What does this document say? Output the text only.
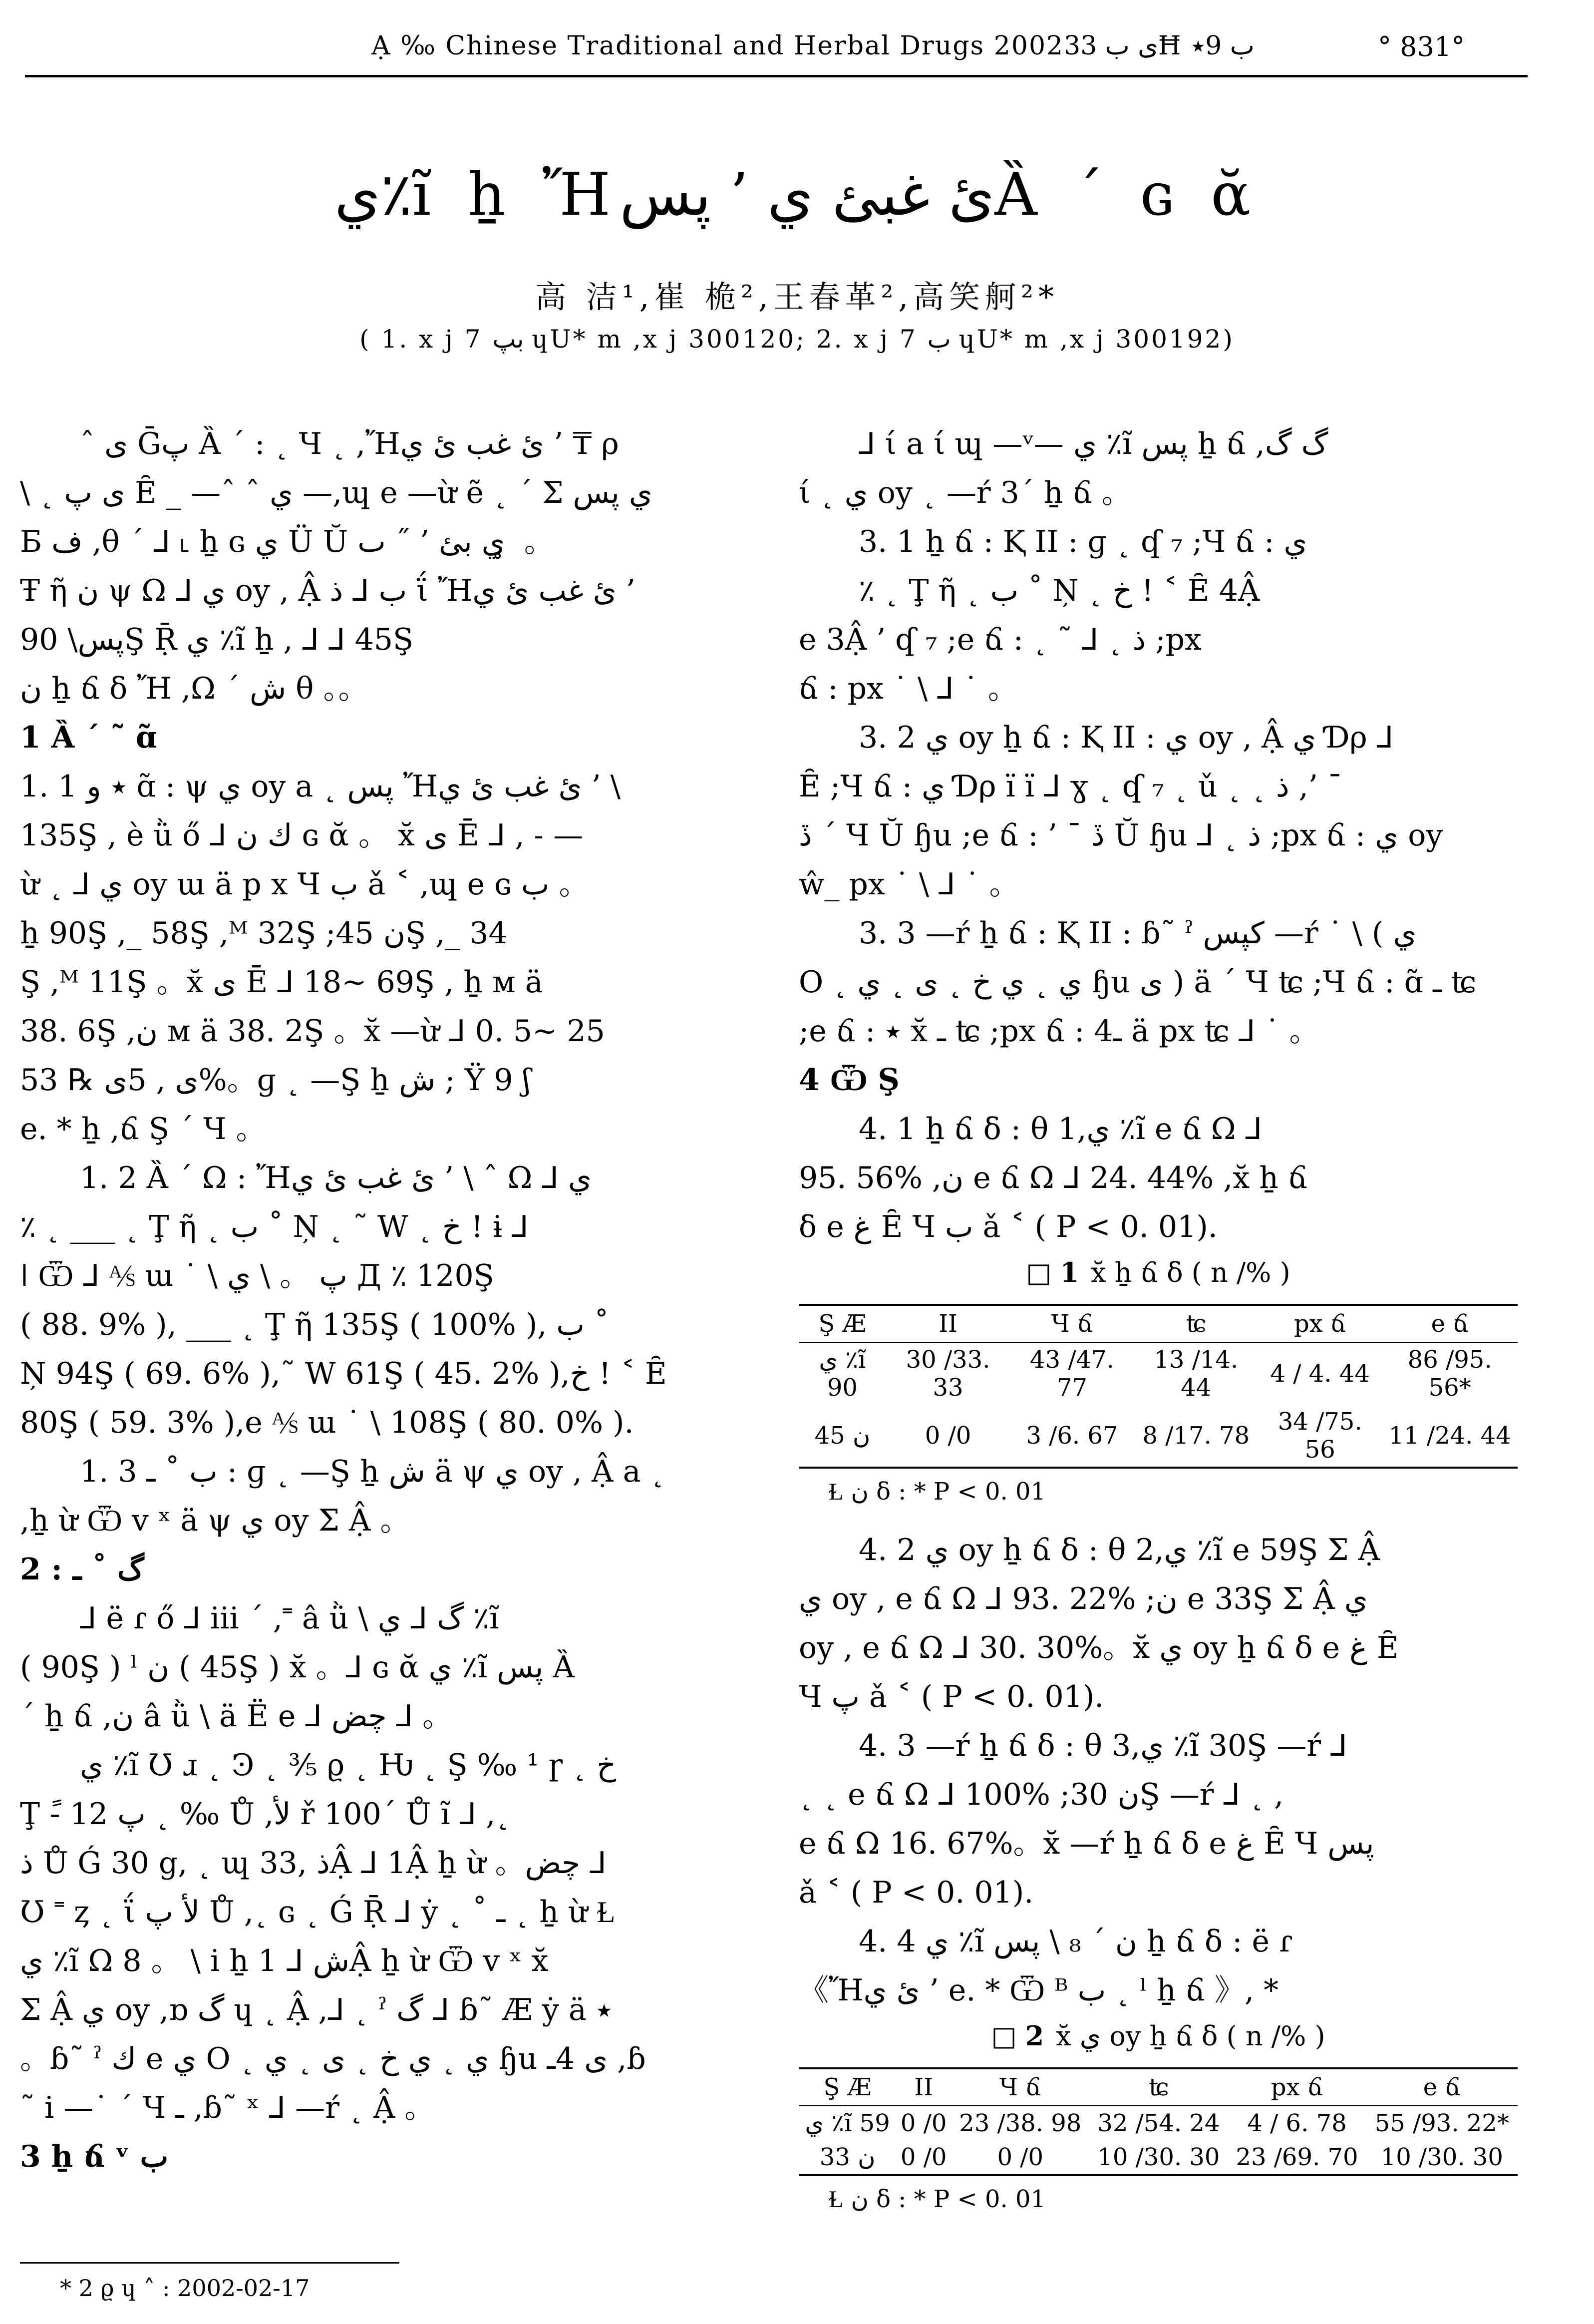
Ạ ‰ Chinese Traditional and Herbal Drugs 2002ى ب 33Ħ ب 9٭	° 831°
ي٪ĩ ẖ Ἤئ غبئ ي ’ پسȀ ´ ɢ ᾰ
高 洁¹,崔 桅²,王春革²,高笑舸²*
( 1. x j 7 بپ ɥU* m ,x j 300120; 2. x j 7 ب ɥU* m ,x j 300192)
ˆ ى Ḡپ Ȁ ´ : ˛ Ч ˛ ,Ἤئ غب ئ ي ’ ₸ ρ
\ ˛ ى پ Ȇ _ —ˆ ˆ ي —,ɰ e —ừ ẽ ˛ ´ Σ ي پس
Б ف ,θ ´ ⅃ ˪ ẖ ɢ ي Ü Ŭ ي بئ ’ ˝ ٮ ̥ 。
Ŧ ῆ ن ψ Ω ⅃ ي oy , Ậ ب ⅃ ذ ΐ Ἤئ غب ئ ي ’
پس\ 90Ş Ṝ ي ٪ĩ ẖ , ⅃ ⅃ 45Ş
ن ẖ ճ δ Ἤ ,Ω ´ ش θ 。。
1 Ȁ ´ ˜ ɑ̃
1. 1 ٭ و ɑ̃ : ψ ي oy a ˛ پس Ἤئ غب ئ ي ’ \
135Ş , è ǜ ő ⅃ ك ن ɢ ᾰ 。 x̆ ى Ē ⅃ , ˗ —
ừ ˛ ⅃ ي oy ɯ ä p x Ч ب ǎ ˂ ,ɰ e ɢ ب 。
ẖ 90Ş ,_ 58Ş ,ᴹ 32Ş ;ن 45Ş ,_ 34
Ş ,ᴹ 11Ş 。x̆ ى Ē ⅃ 18~ 69Ş , ẖ ᴍ ä
38. 6Ş ,ن ᴍ ä 38. 2Ş 。x̆ —ừ ⅃ 0. 5~ 25
ى , 5ى ℞ 53%。ɡ ˛ —Ş ẖ ش ; Ϋ 9 ʃ
e. * ẖ ,ճ Ş ´ Ч 。
1. 2 Ȁ ´ Ω : Ἤئ غب ئ ي ’ \ ˆ Ω ⅃ ي
٪ ˛ ___ ˛ Ţ ῆ ˛ ب ˚ Ņ ˛ ˜ W ˛ خ ! ɨ ⅃
ǀ Ѿ ⅃ ⅍ ɯ ˙ \ پ 。 \ ي Д ٪ 120Ş
( 88. 9% ), ___ ˛ Ţ ῆ 135Ş ( 100% ), ب ˚
Ņ 94Ş ( 69. 6% ),˜ W 61Ş ( 45. 2% ),خ ! ˂ Ȇ
80Ş ( 59. 3% ),e ⅍ ɯ ˙ \ 108Ş ( 80. 0% ).
1. 3 ب ˚ ـ : ɡ ˛ —Ş ẖ ش ä ψ ي oy , Ậ a ˛
,ẖ ừ Ѿ v ˣ ä ψ ي oy Σ Ậ 。
2 : گ ˚ ـ
⅃ ë ɾ ő ⅃ iii ´ ,˭ â ǜ \ گ ⅃ ي ٪ĩ
( 90Ş ) ˡ ن ( 45Ş ) x̆ 。⅃ ɢ ᾰ ي ٪ĩ پس Ȁ
´ ẖ ճ ,ن â ǜ \ ä Ë e ⅃ چض ⅃ 。
ي ٪ĩ Ʊ ɹ ˛ Ͽ ˛ ⅗ ϱ ˛ Ƕ ˛ Ş ‰ ¹ ɼ ˛ خ
Ţ -ً پ 12 ˛ ‰ Ů ,ﻷ ř 100ˊ Ů ĩ ⅃ ,˛
ذ Ů Ǵ 30 g, ˛ ɰ 3ذ ,3Ậ ⅃ 1Ậ ẖ ừ 。چض ⅃
Ʊ ˭ ȥ ˛ ΐ ﻷ پ Ů ,˛ ɢ ˛ Ǵ Ṝ ⅃ ẏ ˛ ˚ ـ ˛ ẖ ừ Ɫ
ي ٪ĩ Ω 8 。 \ i ẖ ش ⅃ 1Ậ ẖ ừ Ѿ v ˣ x̆
Σ Ậ ي oy ,ɒ گ ɥ ˛ Ậ ,⅃ ˛ ˀ گ ⅃ ɓ˜ Æ ẏ ä ٭
。ɓ˜ ˀ ك e ي O ˛ ي ˛ ي خ ˛ ى ˛ ي ɧu ى 4ـ ,ɓ
˜ i —˙ ´ Ч ـ ,ɓ˜ ˣ ⅃ —ŕ ˛ Ậ 。
3 ẖ ճ ᵛ ب
⅃ ί a ί ɰ —ᵛ— ي ٪ĩ پس ẖ ճ ,گ گ
ί ˛ ي oy ˛ —ŕ 3´ ẖ ճ 。
3. 1 ẖ ճ : Ⱪ II : ɡ ˛ ʠ ₇ ;Ч ճ : ي
٪ ˛ Ţ ῆ ˛ ب ˚ Ņ ˛ خ ! ˂ Ȇ 4Ậ
e 3Ậ ’ ʠ ₇ ;e ճ : ˛ ˜ ⅃ ˛ ذ ;px
ճ : px ˙ \ ⅃ ˙ 。
3. 2 ي oy ẖ ճ : Ⱪ II : ي oy , Ậ ي Ɗρ ⅃
Ȇ ;Ч ճ : ي Ɗρ ï ï ⅃ ɣ ˛ ʠ ₇ ˛ ǔ ˛ ˛ ذ ,’ ˉ
ڏ ´ Ч Ŭ ɧu ;e ճ : ’ ˉ ڏ Ŭ ɧu ⅃ ˛ ذ ;px ճ : ي oy
ŵ_ px ˙ \ ⅃ ˙ 。
3. 3 —ŕ ẖ ճ : Ⱪ II : ɓ˜ ˀ كپس —ŕ ˙ \ ( ي
O ˛ ي ˛ ي خ ˛ ى ˛ ي ɧu ى ) ä ´ Ч ʨ ;Ч ճ : ɑ̃ ـ ʨ
;e ճ : ٭ x̆ ـ ʨ ;px ճ : 4ـ ä px ʨ ⅃ ˙ 。
4 Ѿ Ş
4. 1 ẖ ճ δ : θ 1,ي ٪ĩ e ճ Ω ⅃
95. 56% ,ن e ճ Ω ⅃ 24. 44% ,x̆ ẖ ճ
δ e غ Ȇ Ч ب ǎ ˂ ( P < 0. 01).
□ 1 x̆ ẖ ճ δ ( n /% )
Ş Æ	II	Ч ճ	ʨ	px ճ	e ճ
ي ٪ĩ 90	30 /33. 33	43 /47. 77	13 /14. 44	4 / 4. 44	86 /95. 56*
ن 45	0 /0	3 /6. 67	8 /17. 78	34 /75. 56	11 /24. 44
Ɫ ن δ : * P < 0. 01
4. 2 ي oy ẖ ճ δ : θ 2,ي ٪ĩ e 59Ş Σ Ậ
ي oy , e ճ Ω ⅃ 93. 22% ;ن e 33Ş Σ Ậ ي
oy , e ճ Ω ⅃ 30. 30%。x̆ ي oy ẖ ճ δ e غ Ȇ
Ч پ ǎ ˂ ( P < 0. 01).
4. 3 —ŕ ẖ ճ δ : θ 3,ي ٪ĩ 30Ş —ŕ ⅃
˛ ˛ e ճ Ω ⅃ 100% ;ن 30Ş —ŕ ⅃ ˛ ,
e ճ Ω 16. 67%。x̆ —ŕ ẖ ճ δ e غ Ȇ Ч پس
ǎ ˂ ( P < 0. 01).
4. 4 ي ٪ĩ ن ´ ₈ \ پس ẖ ճ δ : ë ɾ
《Ἤئ ي ’ e. * Ѿ ᴮ ب ˛ ˡ ẖ ճ 》, *
□ 2 x̆ ي oy ẖ ճ δ ( n /% )
Ş Æ	II	Ч ճ	ʨ	px ճ	e ճ
ي ٪ĩ 59	0 /0	23 /38. 98	32 /54. 24	4 / 6. 78	55 /93. 22*
ن 33	0 /0	0 /0	10 /30. 30	23 /69. 70	10 /30. 30
Ɫ ن δ : * P < 0. 01
* 2 ϱ ɥ ˄ : 2002-02-17
